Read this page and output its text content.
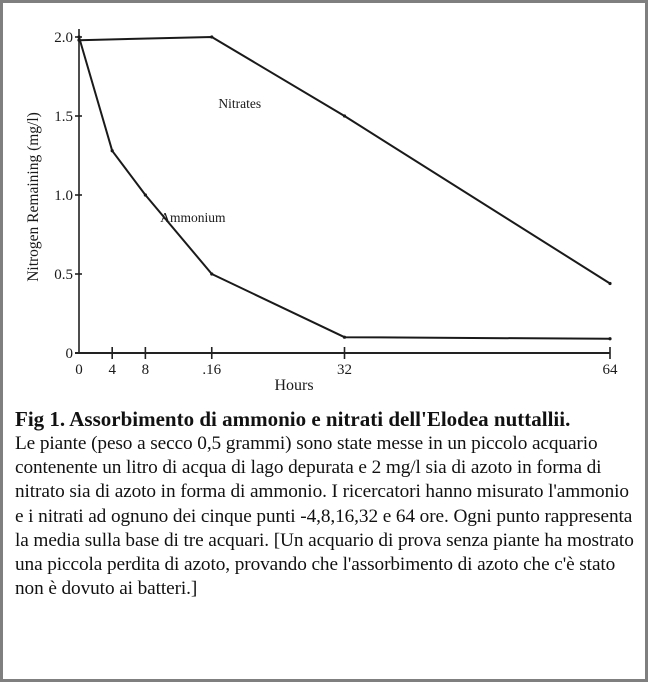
0 4 8	.16	32	64
0
0.5
1.0
1.5
2.0
Hours
Nitrogen Remaining (mg/l)
Nitrates
Ammonium

Fig 1. Assorbimento di ammonio e nitrati dell'Elodea nuttallii.

Le piante (peso a secco 0,5 grammi) sono state messe in un piccolo acquario contenente un litro di acqua di lago depurata e 2 mg/l sia di azoto in forma di nitrato sia di azoto in forma di ammonio. I ricercatori hanno misurato l'ammonio e i nitrati ad ognuno dei cinque punti -4,8,16,32 e 64 ore. Ogni punto rappresenta la media sulla base di tre acquari. [Un acquario di prova senza piante ha mostrato una piccola perdita di azoto, provando che l'assorbimento di azoto che c'è stato non è dovuto ai batteri.]
